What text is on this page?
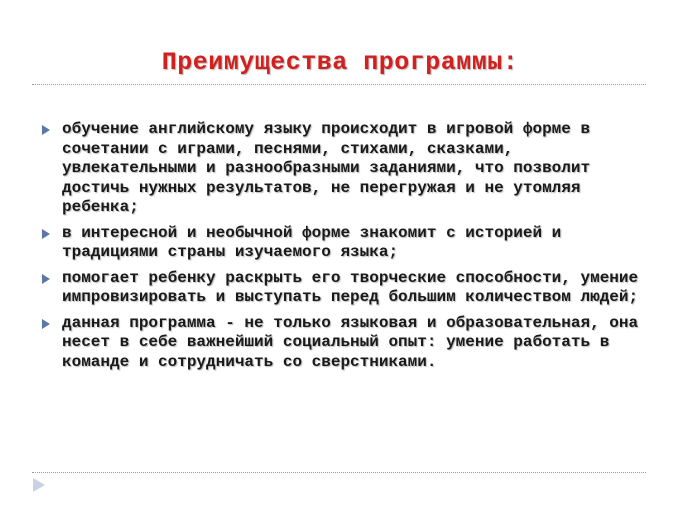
Преимущества программы:
обучение английскому языку происходит в игровой форме в сочетании с играми, песнями, стихами, сказками, увлекательными и разнообразными заданиями, что позволит достичь нужных результатов, не перегружая и не утомляя ребенка;
в интересной и необычной форме знакомит с историей и традициями страны изучаемого языка;
помогает ребенку раскрыть его творческие способности, умение импровизировать и выступать перед большим количеством людей;
данная программа - не только языковая и образовательная, она несет в себе важнейший социальный опыт: умение работать в команде и сотрудничать со сверстниками.
